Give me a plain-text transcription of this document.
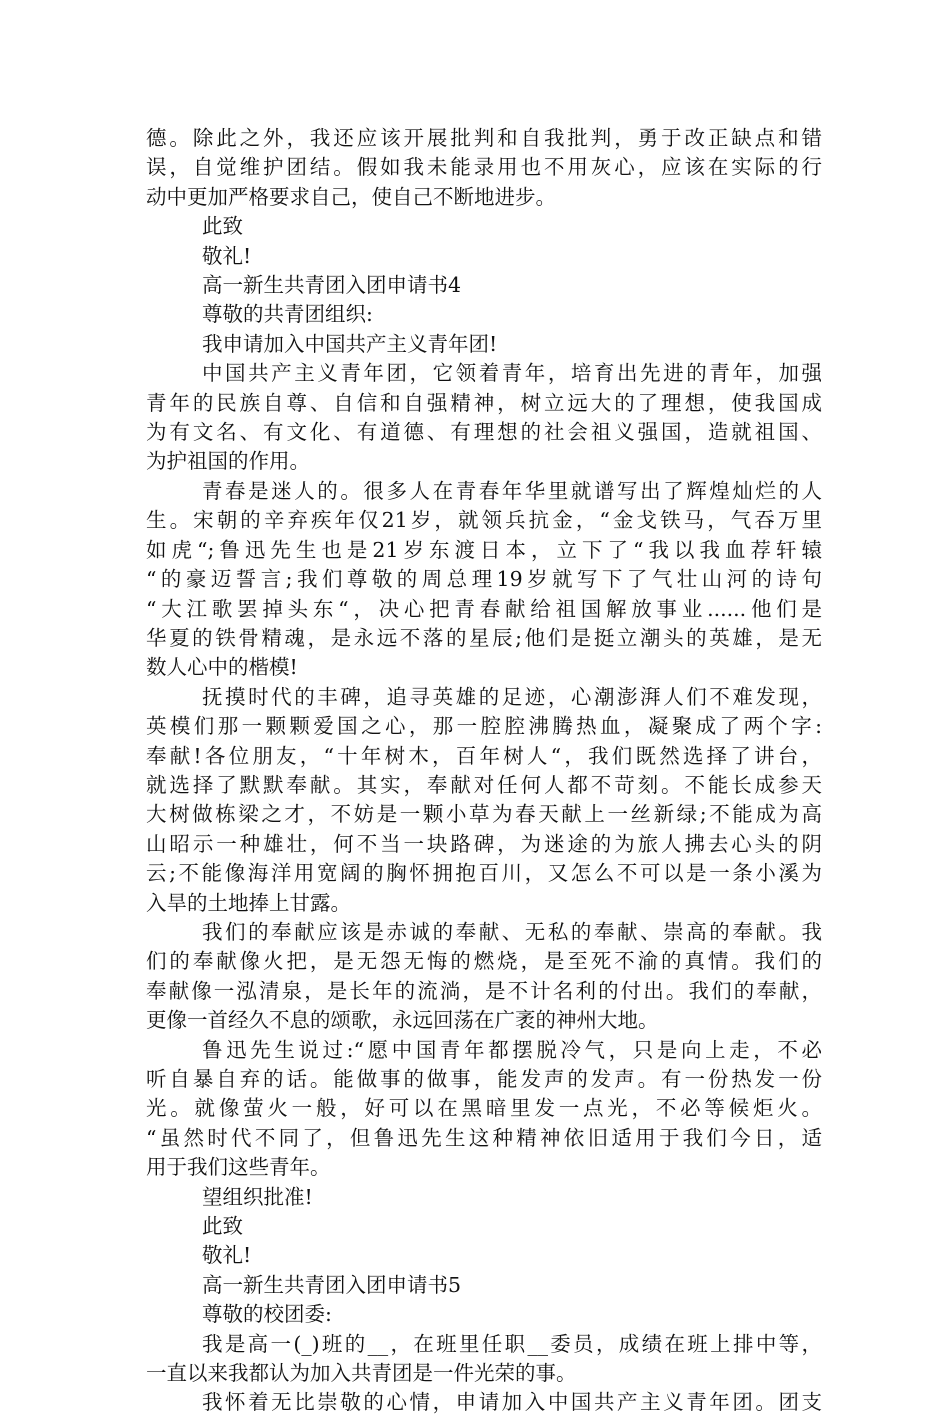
德。除此之外，我还应该开展批判和自我批判，勇于改正缺点和错
误，自觉维护团结。假如我未能录用也不用灰心，应该在实际的行
动中更加严格要求自己，使自己不断地进步。
此致
敬礼!
高一新生共青团入团申请书4
尊敬的共青团组织:
我申请加入中国共产主义青年团!
中国共产主义青年团，它领着青年，培育出先进的青年，加强
青年的民族自尊、自信和自强精神，树立远大的了理想，使我国成
为有文名、有文化、有道德、有理想的社会祖义强国，造就祖国、
为护祖国的作用。
青春是迷人的。很多人在青春年华里就谱写出了辉煌灿烂的人
生。宋朝的辛弃疾年仅21岁，就领兵抗金，“金戈铁马，气吞万里
如虎“;鲁迅先生也是21岁东渡日本，立下了“我以我血荐轩辕
“的豪迈誓言;我们尊敬的周总理19岁就写下了气壮山河的诗句
“大江歌罢掉头东“，决心把青春献给祖国解放事业......他们是
华夏的铁骨精魂，是永远不落的星辰;他们是挺立潮头的英雄，是无
数人心中的楷模!
抚摸时代的丰碑，追寻英雄的足迹，心潮澎湃人们不难发现，
英模们那一颗颗爱国之心，那一腔腔沸腾热血，凝聚成了两个字:
奉献!各位朋友，“十年树木，百年树人“，我们既然选择了讲台，
就选择了默默奉献。其实，奉献对任何人都不苛刻。不能长成参天
大树做栋梁之才，不妨是一颗小草为春天献上一丝新绿;不能成为高
山昭示一种雄壮，何不当一块路碑，为迷途的为旅人拂去心头的阴
云;不能像海洋用宽阔的胸怀拥抱百川，又怎么不可以是一条小溪为
入旱的土地捧上甘露。
我们的奉献应该是赤诚的奉献、无私的奉献、崇高的奉献。我
们的奉献像火把，是无怨无悔的燃烧，是至死不渝的真情。我们的
奉献像一泓清泉，是长年的流淌，是不计名利的付出。我们的奉献，
更像一首经久不息的颂歌，永远回荡在广袤的神州大地。
鲁迅先生说过:“愿中国青年都摆脱冷气，只是向上走，不必
听自暴自弃的话。能做事的做事，能发声的发声。有一份热发一份
光。就像萤火一般，好可以在黑暗里发一点光，不必等候炬火。
“虽然时代不同了，但鲁迅先生这种精神依旧适用于我们今日，适
用于我们这些青年。
望组织批准!
此致
敬礼!
高一新生共青团入团申请书5
尊敬的校团委:
我是高一(_)班的__，在班里任职__委员，成绩在班上排中等，
一直以来我都认为加入共青团是一件光荣的事。
我怀着无比崇敬的心情，申请加入中国共产主义青年团。团支
